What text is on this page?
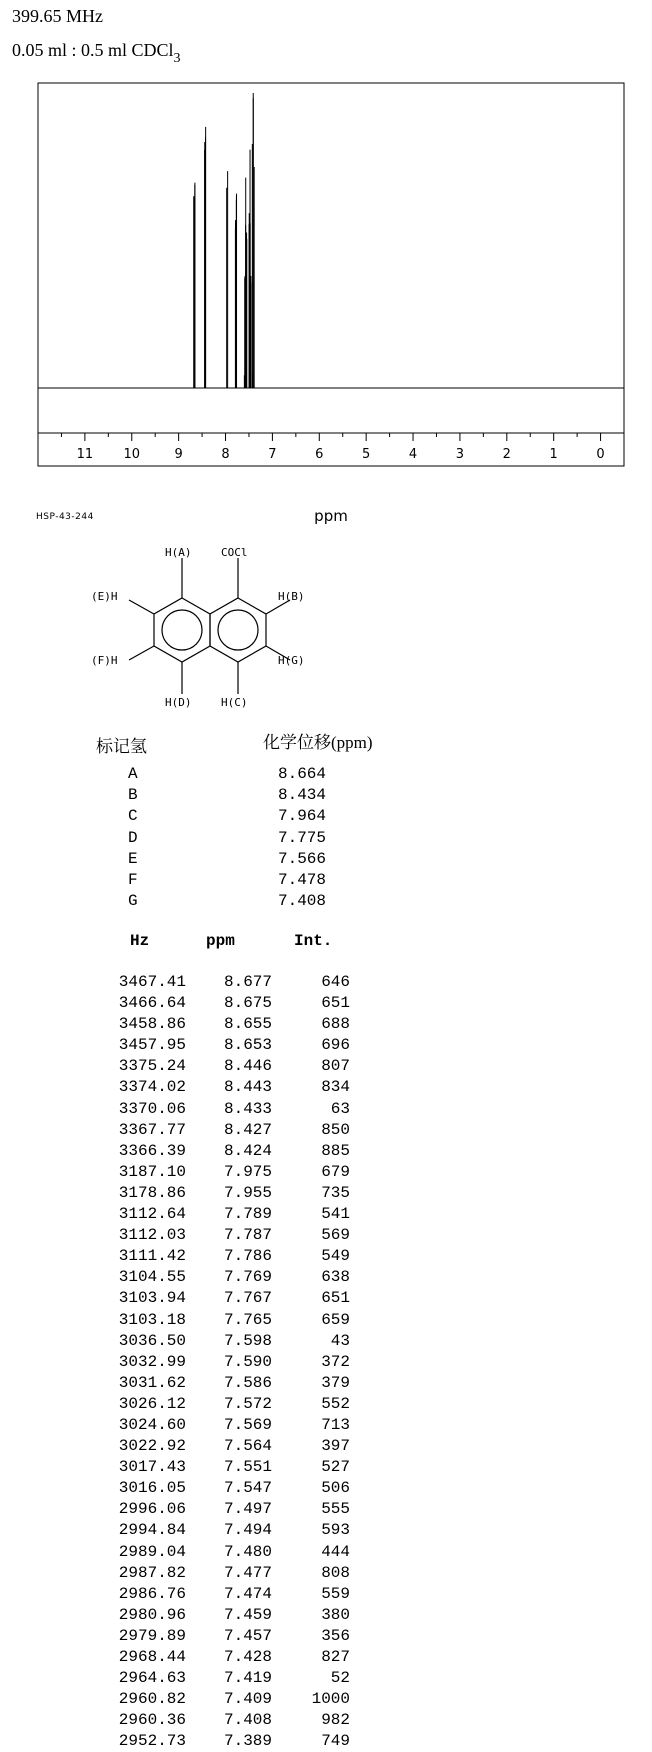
399.65 MHz
0.05 ml : 0.5 ml CDCl$_3$
11 10	9	8	7	6	5	4	3	2	1	0
ppm
HSP-43-244
H(A)	COCl
H(B)
(E)H
(F)H	H(G)
H(D)	H(C)
标记氢	化学位移(ppm)
A	8.664
B	8.434
C	7.964
D	7.775
E	7.566
F	7.478
G	7.408
Hz	ppm	Int.
3467.41	8.677	646
3466.64	8.675	651
3458.86	8.655	688
3457.95	8.653	696
3375.24	8.446	807
3374.02	8.443	834
3370.06	8.433	63
3367.77	8.427	850
3366.39	8.424	885
3187.10	7.975	679
3178.86	7.955	735
3112.64	7.789	541
3112.03	7.787	569
3111.42	7.786	549
3104.55	7.769	638
3103.94	7.767	651
3103.18	7.765	659
3036.50	7.598	43
3032.99	7.590	372
3031.62	7.586	379
3026.12	7.572	552
3024.60	7.569	713
3022.92	7.564	397
3017.43	7.551	527
3016.05	7.547	506
2996.06	7.497	555
2994.84	7.494	593
2989.04	7.480	444
2987.82	7.477	808
2986.76	7.474	559
2980.96	7.459	380
2979.89	7.457	356
2968.44	7.428	827
2964.63	7.419	52
2960.82	7.409	1000
2960.36	7.408	982
2952.73	7.389	749
